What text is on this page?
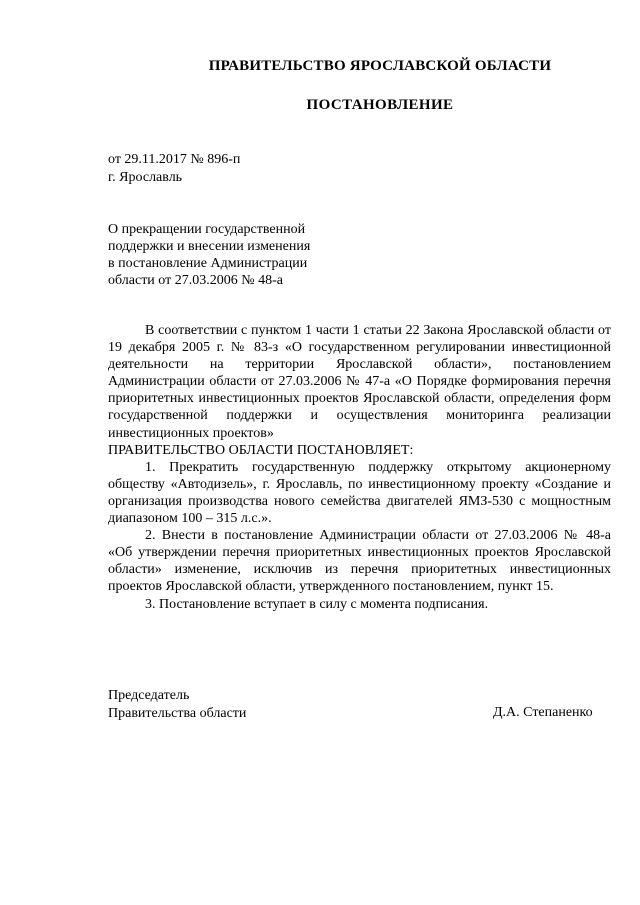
ПРАВИТЕЛЬСТВО ЯРОСЛАВСКОЙ ОБЛАСТИ
ПОСТАНОВЛЕНИЕ
от 29.11.2017 № 896-п
г. Ярославль
О прекращении государственной
поддержки и внесении изменения
в постановление Администрации
области от 27.03.2006 № 48-а

В соответствии с пунктом 1 части 1 статьи 22 Закона Ярославской области от 19 декабря 2005 г. № 83-з «О государственном регулировании инвестиционной деятельности на территории Ярославской области», постановлением Администрации области от 27.03.2006 № 47-а «О Порядке формирования перечня приоритетных инвестиционных проектов Ярославской области, определения форм государственной поддержки и осуществления мониторинга реализации инвестиционных проектов»

ПРАВИТЕЛЬСТВО ОБЛАСТИ ПОСТАНОВЛЯЕТ:

1. Прекратить государственную поддержку открытому акционерному обществу «Автодизель», г. Ярославль, по инвестиционному проекту «Создание и организация производства нового семейства двигателей ЯМЗ-530 с мощностным диапазоном 100 – 315 л.с.».

2. Внести в постановление Администрации области от 27.03.2006 № 48-а «Об утверждении перечня приоритетных инвестиционных проектов Ярославской области» изменение, исключив из перечня приоритетных инвестиционных проектов Ярославской области, утвержденного постановлением, пункт 15.

3. Постановление вступает в силу с момента подписания.

Председатель
Правительства области	Д.А. Степаненко
